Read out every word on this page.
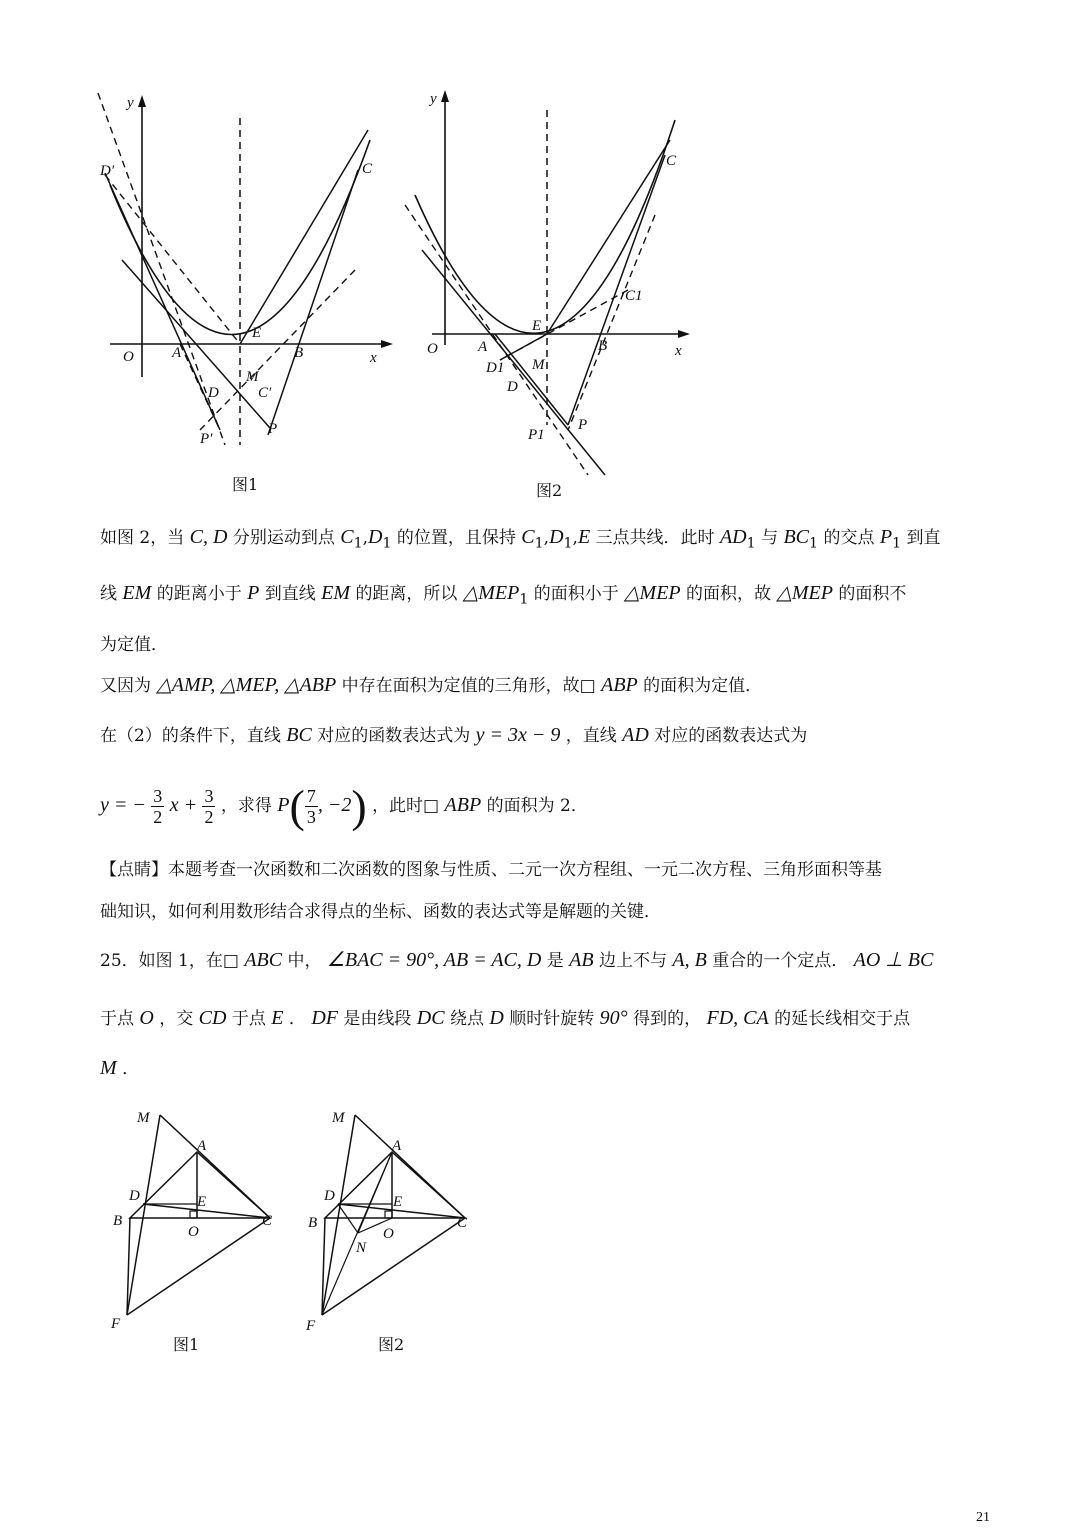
y
D′	C
E
O	A	B	x
M
D	C′
P′
P
图1
y
C
C1
E
O	A	B	x
D1 M
D
P1
P
图2
如图 2，当 C, D 分别运动到点 $C_1,D_1$ 的位置，且保持 $C_1,D_1,E$ 三点共线．此时 $AD_1$ 与 $BC_1$ 的交点 $P_1$ 到直
线 EM 的距离小于 P 到直线 EM 的距离，所以 $\triangle MEP_1$ 的面积小于 △MEP 的面积，故 △MEP 的面积不
为定值．
又因为 △AMP, △MEP, △ABP 中存在面积为定值的三角形，故□ ABP 的面积为定值．
在（2）的条件下，直线 BC 对应的函数表达式为 y = 3x − 9 ，直线 AD 对应的函数表达式为
y = − $\frac{3}{2}$ $x + \frac{3}{2}$ ，求得 $P( \frac{7}{3}$ , −2) ，此时□ ABP 的面积为 2．
【点睛】本题考查一次函数和二次函数的图象与性质、二元一次方程组、一元二次方程、三角形面积等基
础知识，如何利用数形结合求得点的坐标、函数的表达式等是解题的关键．
25．如图 1，在□ ABC 中， ∠BAC = 90°, AB = AC, D 是 AB 边上不与 A, B 重合的一个定点． AO ⊥ BC
于点 O ，交 CD 于点 E ． DF 是由线段 DC 绕点 D 顺时针旋转 90° 得到的， FD, CA 的延长线相交于点
M ．
M
A
D	E
B
O
C
F
图1
M
A
D	E
B
O
C
N
F
图2
21
